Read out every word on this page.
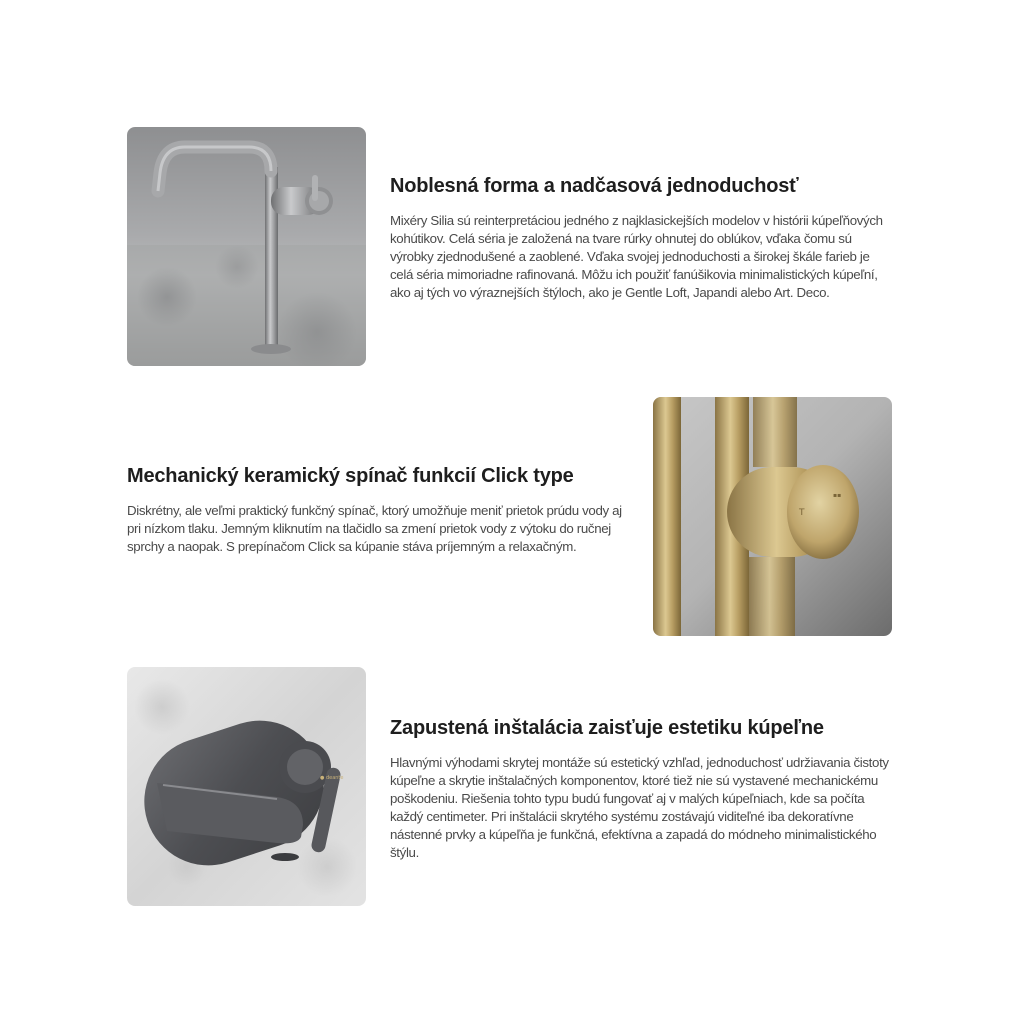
Noblesná forma a nadčasová jednoduchosť

Mixéry Silia sú reinterpretáciou jedného z najklasickejších modelov v histórii kúpeľňových kohútikov. Celá séria je založená na tvare rúrky ohnutej do oblúkov, vďaka čomu sú výrobky zjednodušené a zaoblené. Vďaka svojej jednoduchosti a širokej škále farieb je celá séria mimoriadne rafinovaná. Môžu ich použiť fanúšikovia minimalistických kúpeľní, ako aj tých vo výraznejších štýloch, ako je Gentle Loft, Japandi alebo Art. Deco.

Mechanický keramický spínač funkcií Click type

Diskrétny, ale veľmi praktický funkčný spínač, ktorý umožňuje meniť prietok prúdu vody aj pri nízkom tlaku. Jemným kliknutím na tlačidlo sa zmení prietok vody z výtoku do ručnej sprchy a naopak. S prepínačom Click sa kúpanie stáva príjemným a relaxačným.

T
▪▪
● deante
Zapustená inštalácia zaisťuje estetiku kúpeľne

Hlavnými výhodami skrytej montáže sú estetický vzhľad, jednoduchosť udržiavania čistoty kúpeľne a skrytie inštalačných komponentov, ktoré tiež nie sú vystavené mechanickému poškodeniu. Riešenia tohto typu budú fungovať aj v malých kúpeľniach, kde sa počíta každý centimeter. Pri inštalácii skrytého systému zostávajú viditeľné iba dekoratívne nástenné prvky a kúpeľňa je funkčná, efektívna a zapadá do módneho minimalistického štýlu.
